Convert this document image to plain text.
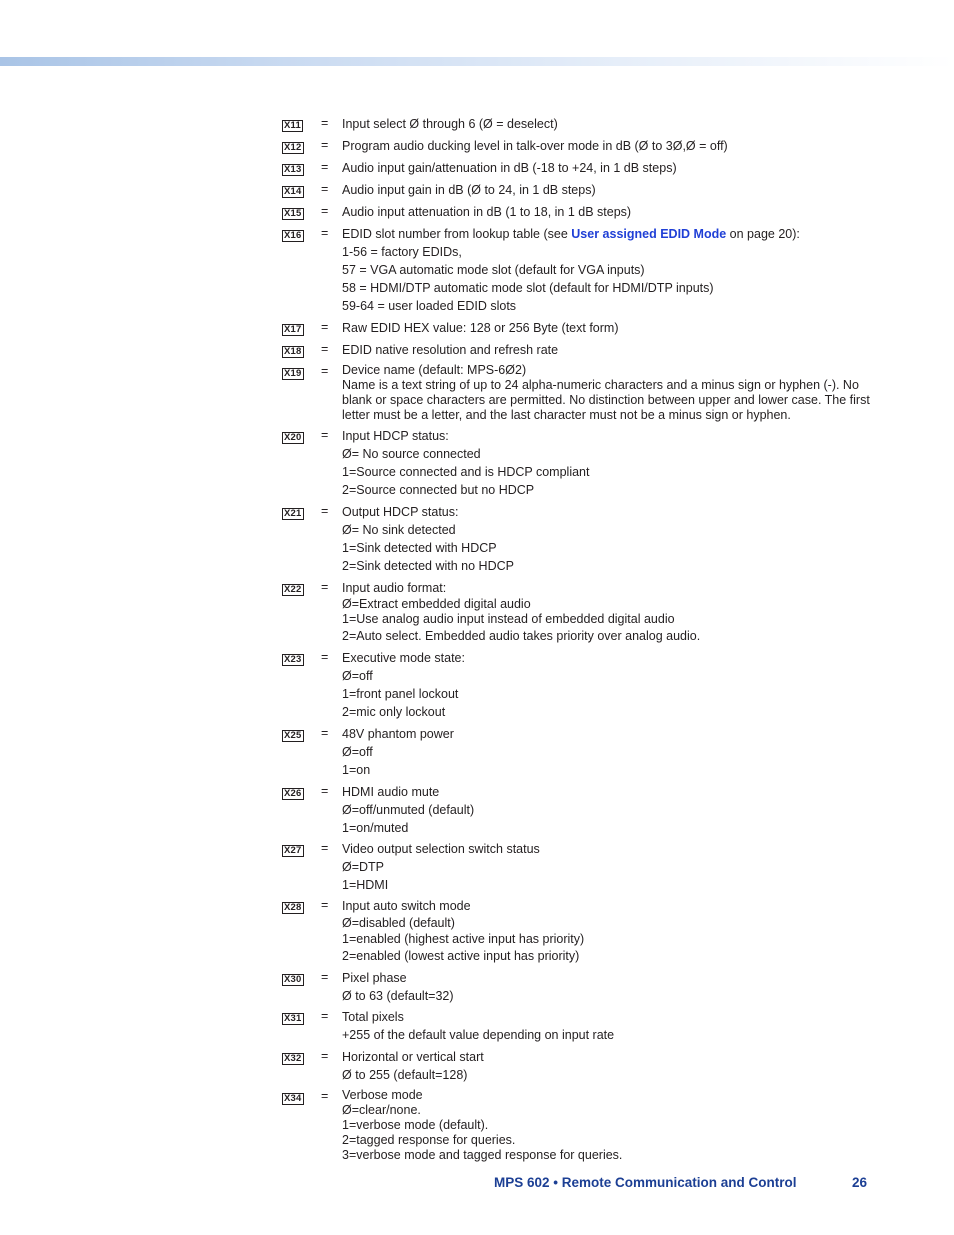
X11	=	Input select Ø through 6 (Ø = deselect)
X12	=	Program audio ducking level in talk-over mode in dB (Ø to 3Ø,Ø = off)
X13	=	Audio input gain/attenuation in dB (-18 to +24, in 1 dB steps)
X14	=	Audio input gain in dB (Ø to 24, in 1 dB steps)
X15	=	Audio input attenuation in dB (1 to 18, in 1 dB steps)
X16	=	EDID slot number from lookup table (see User assigned EDID Mode on page 20):
1-56 = factory EDIDs,
57 = VGA automatic mode slot (default for VGA inputs)
58 = HDMI/DTP automatic mode slot (default for HDMI/DTP inputs)
59-64 = user loaded EDID slots
X17	=	Raw EDID HEX value: 128 or 256 Byte (text form)
X18	=	EDID native resolution and refresh rate
X19	=	Device name (default: MPS-6Ø2)
Name is a text string of up to 24 alpha-numeric characters and a minus sign or hyphen (-). No blank or space characters are permitted. No distinction between upper and lower case. The first letter must be a letter, and the last character must not be a minus sign or hyphen.
X20	=	Input HDCP status:
Ø= No source connected
1=Source connected and is HDCP compliant
2=Source connected but no HDCP
X21	=	Output HDCP status:
Ø= No sink detected
1=Sink detected with HDCP
2=Sink detected with no HDCP
X22	=	Input audio format:
Ø=Extract embedded digital audio
1=Use analog audio input instead of embedded digital audio
2=Auto select. Embedded audio takes priority over analog audio.
X23	=	Executive mode state:
Ø=off
1=front panel lockout
2=mic only lockout
X25	=	48V phantom power
Ø=off
1=on
X26	=	HDMI audio mute
Ø=off/unmuted (default)
1=on/muted
X27	=	Video output selection switch status
Ø=DTP
1=HDMI
X28	=	Input auto switch mode
Ø=disabled (default)
1=enabled (highest active input has priority)
2=enabled (lowest active input has priority)
X30	=	Pixel phase
Ø to 63 (default=32)
X31	=	Total pixels
+255 of the default value depending on input rate
X32	=	Horizontal or vertical start
Ø to 255 (default=128)
X34	=	Verbose mode
Ø=clear/none.
1=verbose mode (default).
2=tagged response for queries.
3=verbose mode and tagged response for queries.
MPS 602 • Remote Communication and Control	26
